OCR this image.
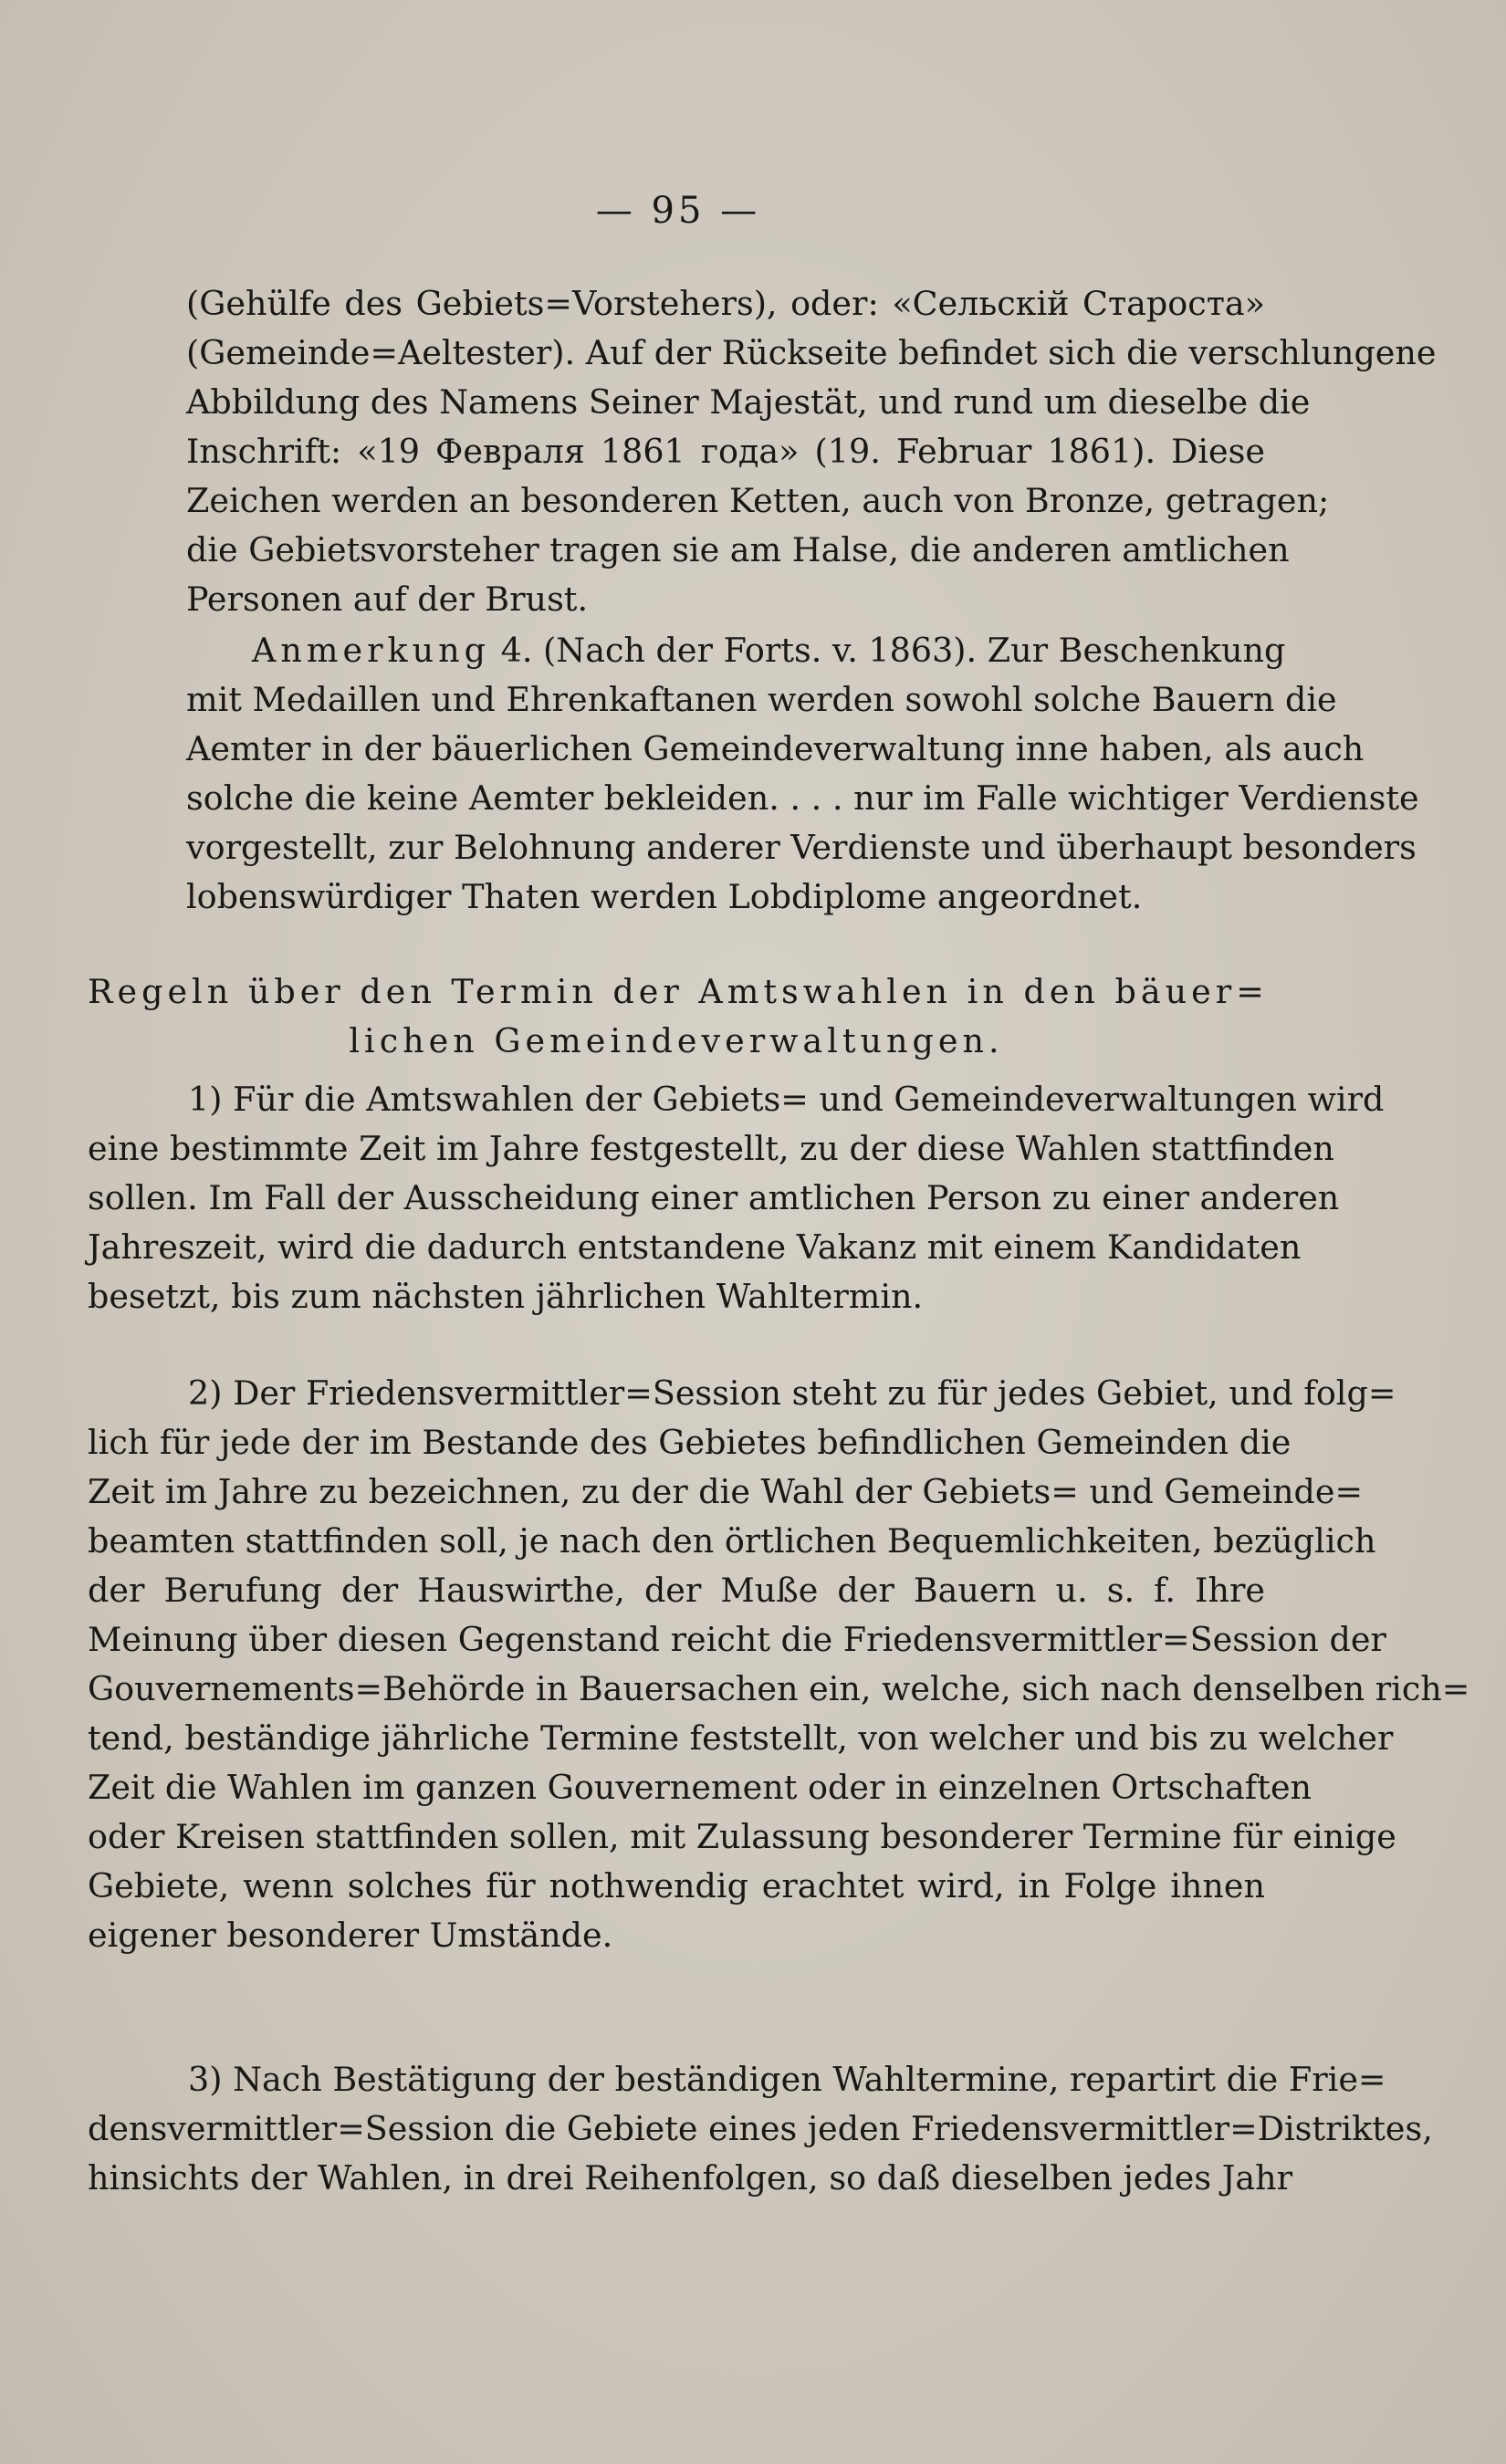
— 95 —
(Gehülfe des Gebiets=Vorstehers), oder: «Сельскій Староста»
(Gemeinde=Aeltester). Auf der Rückseite befindet sich die verschlungene
Abbildung des Namens Seiner Majestät, und rund um dieselbe die
Inschrift: «19 Февраля 1861 года» (19. Februar 1861). Diese
Zeichen werden an besonderen Ketten, auch von Bronze, getragen;
die Gebietsvorsteher tragen sie am Halse, die anderen amtlichen
Personen auf der Brust.
Anmerkung 4. (Nach der Forts. v. 1863). Zur Beschenkung
mit Medaillen und Ehrenkaftanen werden sowohl solche Bauern die
Aemter in der bäuerlichen Gemeindeverwaltung inne haben, als auch
solche die keine Aemter bekleiden. . . . nur im Falle wichtiger Verdienste
vorgestellt, zur Belohnung anderer Verdienste und überhaupt besonders
lobenswürdiger Thaten werden Lobdiplome angeordnet.
Regeln über den Termin der Amtswahlen in den bäuer=
lichen Gemeindeverwaltungen.
1) Für die Amtswahlen der Gebiets= und Gemeindeverwaltungen wird
eine bestimmte Zeit im Jahre festgestellt, zu der diese Wahlen stattfinden
sollen. Im Fall der Ausscheidung einer amtlichen Person zu einer anderen
Jahreszeit, wird die dadurch entstandene Vakanz mit einem Kandidaten
besetzt, bis zum nächsten jährlichen Wahltermin.
2) Der Friedensvermittler=Session steht zu für jedes Gebiet, und folg=
lich für jede der im Bestande des Gebietes befindlichen Gemeinden die
Zeit im Jahre zu bezeichnen, zu der die Wahl der Gebiets= und Gemeinde=
beamten stattfinden soll, je nach den örtlichen Bequemlichkeiten, bezüglich
der Berufung der Hauswirthe, der Muße der Bauern u. s. f. Ihre
Meinung über diesen Gegenstand reicht die Friedensvermittler=Session der
Gouvernements=Behörde in Bauersachen ein, welche, sich nach denselben rich=
tend, beständige jährliche Termine feststellt, von welcher und bis zu welcher
Zeit die Wahlen im ganzen Gouvernement oder in einzelnen Ortschaften
oder Kreisen stattfinden sollen, mit Zulassung besonderer Termine für einige
Gebiete, wenn solches für nothwendig erachtet wird, in Folge ihnen
eigener besonderer Umstände.
3) Nach Bestätigung der beständigen Wahltermine, repartirt die Frie=
densvermittler=Session die Gebiete eines jeden Friedensvermittler=Distriktes,
hinsichts der Wahlen, in drei Reihenfolgen, so daß dieselben jedes Jahr
